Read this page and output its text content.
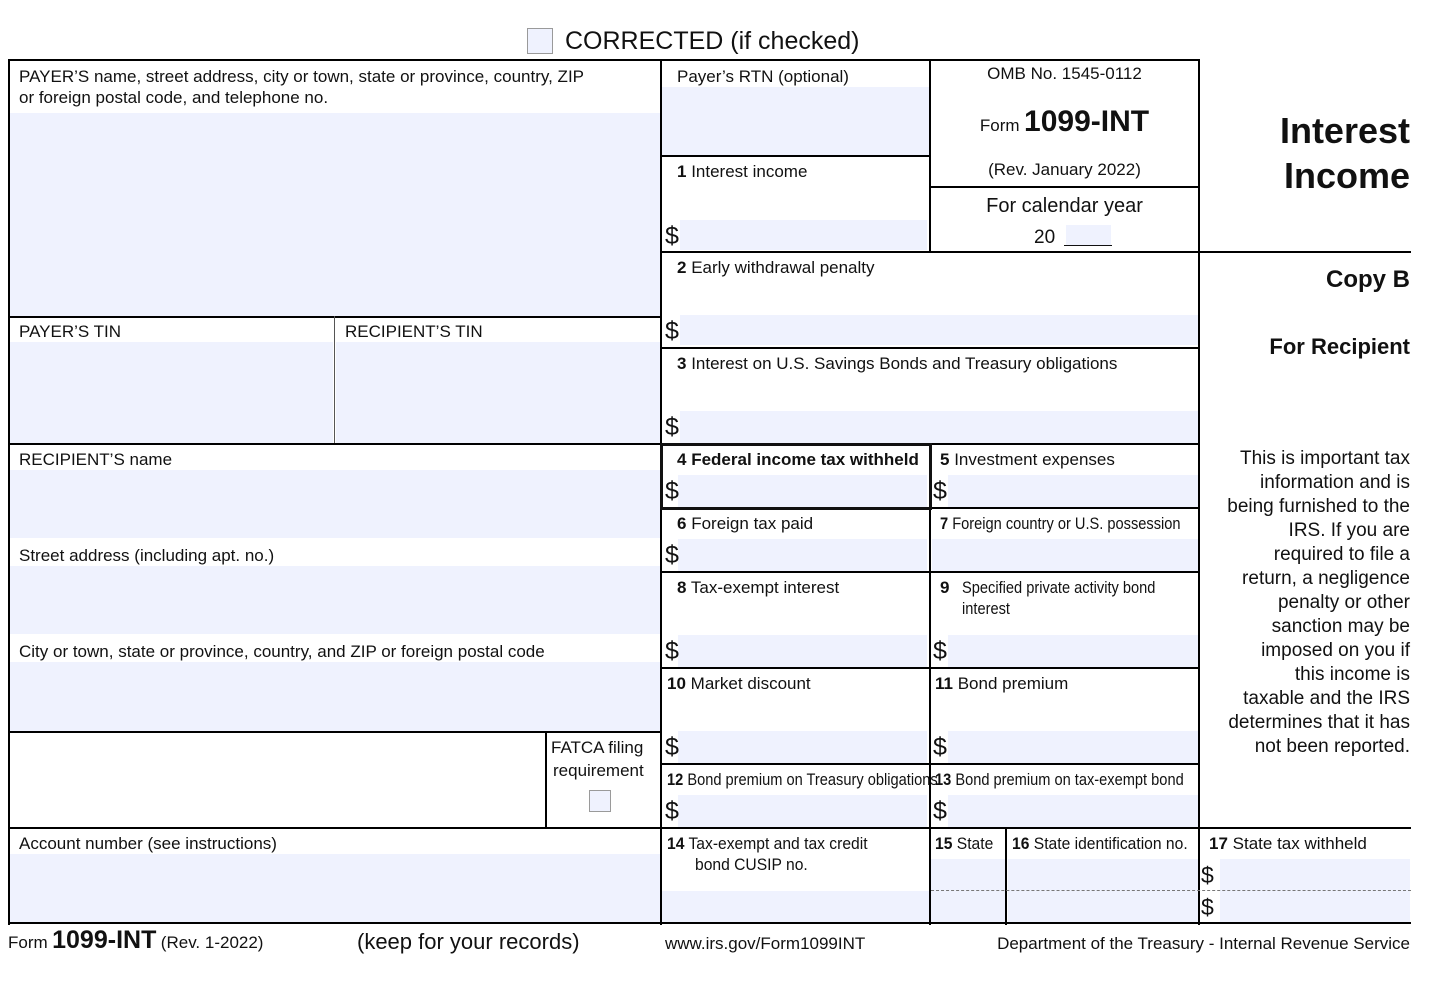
CORRECTED (if checked)
PAYER’S name, street address, city or town, state or province, country, ZIP
or foreign postal code, and telephone no.
Payer’s RTN (optional)
PAYER’S TIN	RECIPIENT’S TIN
RECIPIENT’S name
Street address (including apt. no.)
City or town, state or province, country, and ZIP or foreign postal code
FATCA filing
requirement
Account number (see instructions)
OMB No. 1545-0112
Form 1099-INT
(Rev. January 2022)
For calendar year
20
Interest
Income
Copy B
For Recipient
This is important tax
information and is
being furnished to the
IRS. If you are
required to file a
return, a negligence
penalty or other
sanction may be
imposed on you if
this income is
taxable and the IRS
determines that it has
not been reported.
1 Interest income
$
2 Early withdrawal penalty
$
3 Interest on U.S. Savings Bonds and Treasury obligations
$
4 Federal income tax withheld
$
5 Investment expenses
$
6 Foreign tax paid
$
7 Foreign country or U.S. possession
8 Tax-exempt interest
$
9 Specified private activity bond
interest
$
10 Market discount
$
11 Bond premium
$
12 Bond premium on Treasury obligations
$
13 Bond premium on tax-exempt bond
$
14 Tax-exempt and tax credit
bond CUSIP no.
15 State 16 State identification no. 17 State tax withheld
$
$
Form 1099-INT (Rev. 1-2022)	(keep for your records)	www.irs.gov/Form1099INT	Department of the Treasury - Internal Revenue Service
